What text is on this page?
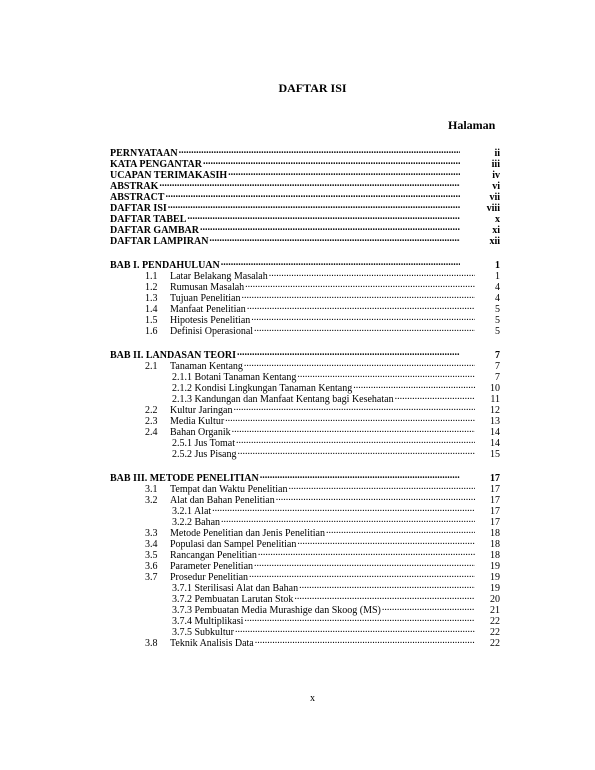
DAFTAR ISI
Halaman
PERNYATAAN .....	ii
KATA PENGANTAR .....	iii
UCAPAN TERIMAKASIH .....	iv
ABSTRAK .....	vi
ABSTRACT .....	vii
DAFTAR ISI .....	viii
DAFTAR TABEL .....	x
DAFTAR GAMBAR .....	xi
DAFTAR LAMPIRAN .....	xii
BAB I. PENDAHULUAN .....	1
1.1	Latar Belakang Masalah .....	1
1.2	Rumusan Masalah .....	4
1.3	Tujuan Penelitian .....	4
1.4	Manfaat Penelitian .....	5
1.5	Hipotesis Penelitian .....	5
1.6	Definisi Operasional .....	5
BAB II. LANDASAN TEORI .....	7
2.1	Tanaman Kentang .....	7
2.1.1 Botani Tanaman Kentang .....	7
2.1.2 Kondisi Lingkungan Tanaman Kentang .....	10
2.1.3 Kandungan dan Manfaat Kentang bagi Kesehatan .....	11
2.2	Kultur Jaringan .....	12
2.3	Media Kultur .....	13
2.4	Bahan Organik .....	14
2.5.1 Jus Tomat .....	14
2.5.2 Jus Pisang .....	15
BAB III. METODE PENELITIAN .....	17
3.1	Tempat dan Waktu Penelitian .....	17
3.2	Alat dan Bahan Penelitian .....	17
3.2.1 Alat .....	17
3.2.2 Bahan .....	17
3.3	Metode Penelitian dan Jenis Penelitian .....	18
3.4	Populasi dan Sampel Penelitian .....	18
3.5	Rancangan Penelitian .....	18
3.6	Parameter Penelitian .....	19
3.7	Prosedur Penelitian .....	19
3.7.1 Sterilisasi Alat dan Bahan .....	19
3.7.2 Pembuatan Larutan Stok .....	20
3.7.3 Pembuatan Media Murashige dan Skoog (MS) .....	21
3.7.4 Multiplikasi .....	22
3.7.5 Subkultur .....	22
3.8	Teknik Analisis Data .....	22
x
